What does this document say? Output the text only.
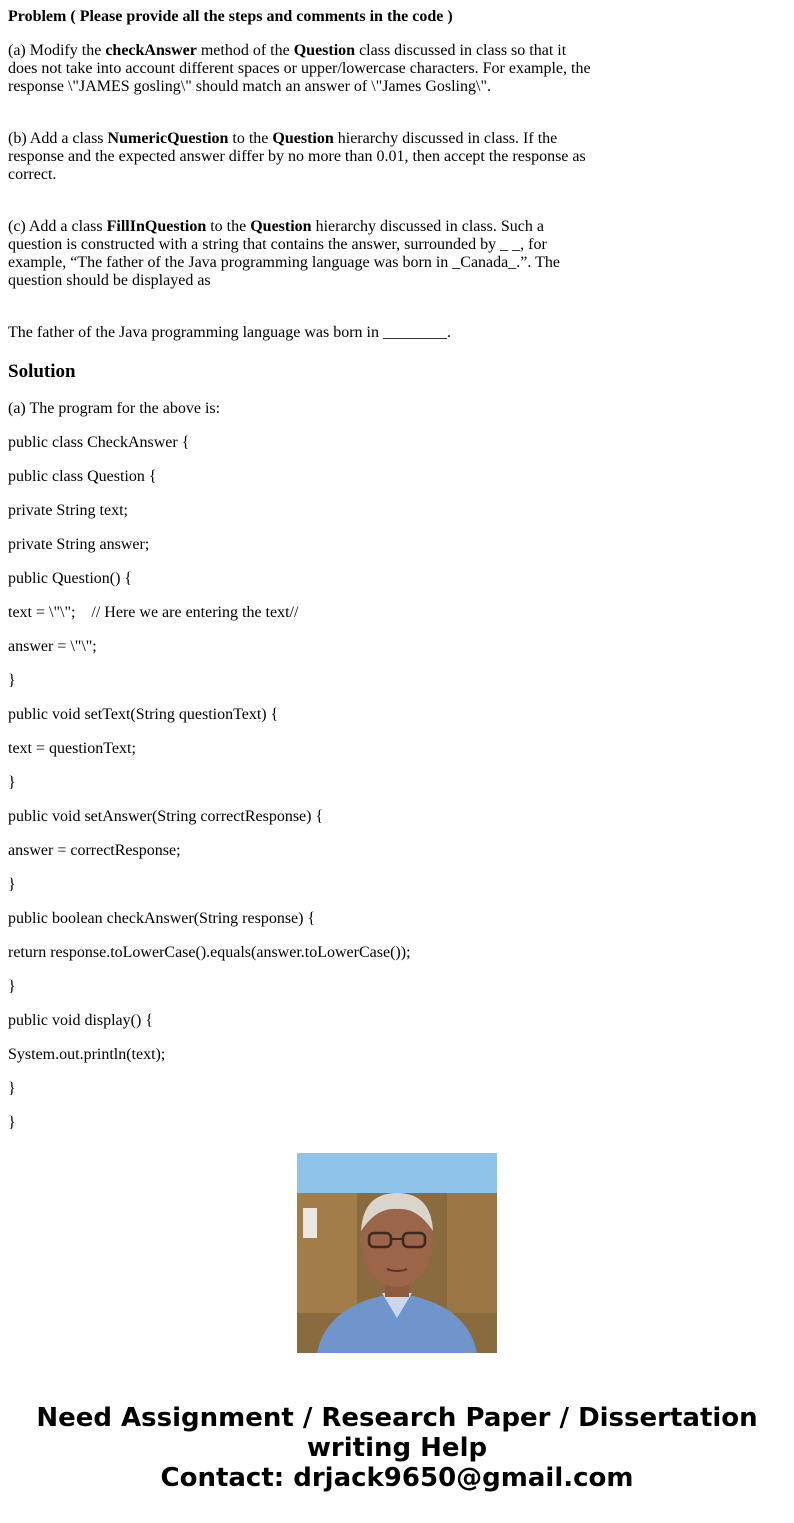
Problem ( Please provide all the steps and comments in the code )
(a) Modify the checkAnswer method of the Question class discussed in class so that it does not take into account different spaces or upper/lowercase characters. For example, the response \"JAMES gosling\" should match an answer of \"James Gosling\".
(b) Add a class NumericQuestion to the Question hierarchy discussed in class. If the response and the expected answer differ by no more than 0.01, then accept the response as correct.
(c) Add a class FillInQuestion to the Question hierarchy discussed in class. Such a question is constructed with a string that contains the answer, surrounded by _ _, for example, “The father of the Java programming language was born in _Canada_.”. The question should be displayed as
The father of the Java programming language was born in ________.
Solution
(a) The program for the above is:
public class CheckAnswer {
public class Question {
private String text;
private String answer;
public Question() {
text = \"\";    // Here we are entering the text//
answer = \"\";
}
public void setText(String questionText) {
text = questionText;
}
public void setAnswer(String correctResponse) {
answer = correctResponse;
}
public boolean checkAnswer(String response) {
return response.toLowerCase().equals(answer.toLowerCase());
}
public void display() {
System.out.println(text);
}
}
Need Assignment / Research Paper / Dissertation
writing Help
Contact: drjack9650@gmail.com
